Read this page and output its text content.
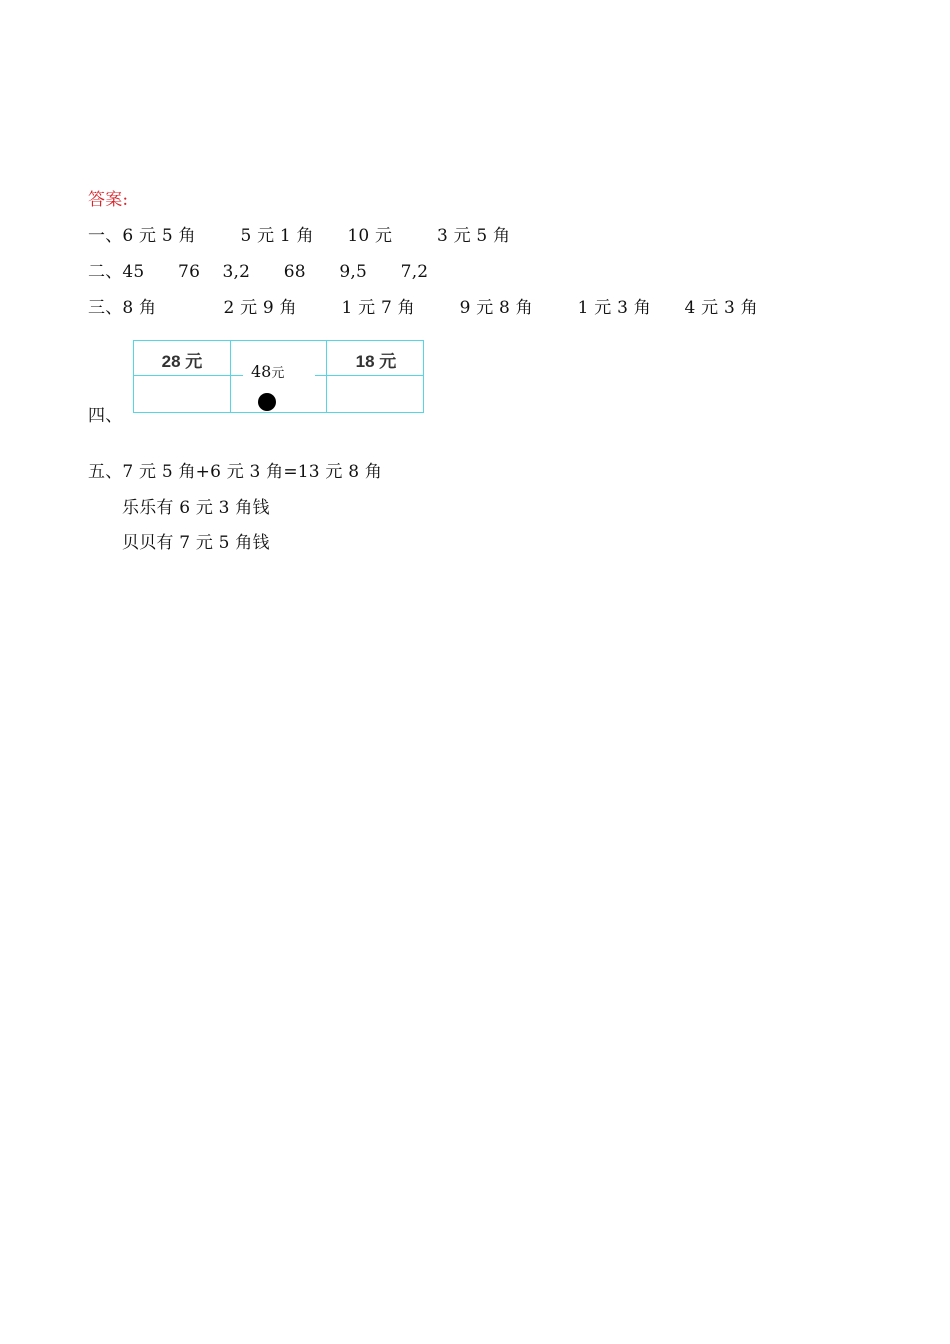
答案:
一、6 元 5 角        5 元 1 角      10 元        3 元 5 角
二、45      76    3,2      68      9,5      7,2
三、8 角            2 元 9 角        1 元 7 角        9 元 8 角        1 元 3 角      4 元 3 角
28 元	18 元
48元
四、
五、7 元 5 角+6 元 3 角=13 元 8 角
乐乐有 6 元 3 角钱
贝贝有 7 元 5 角钱
